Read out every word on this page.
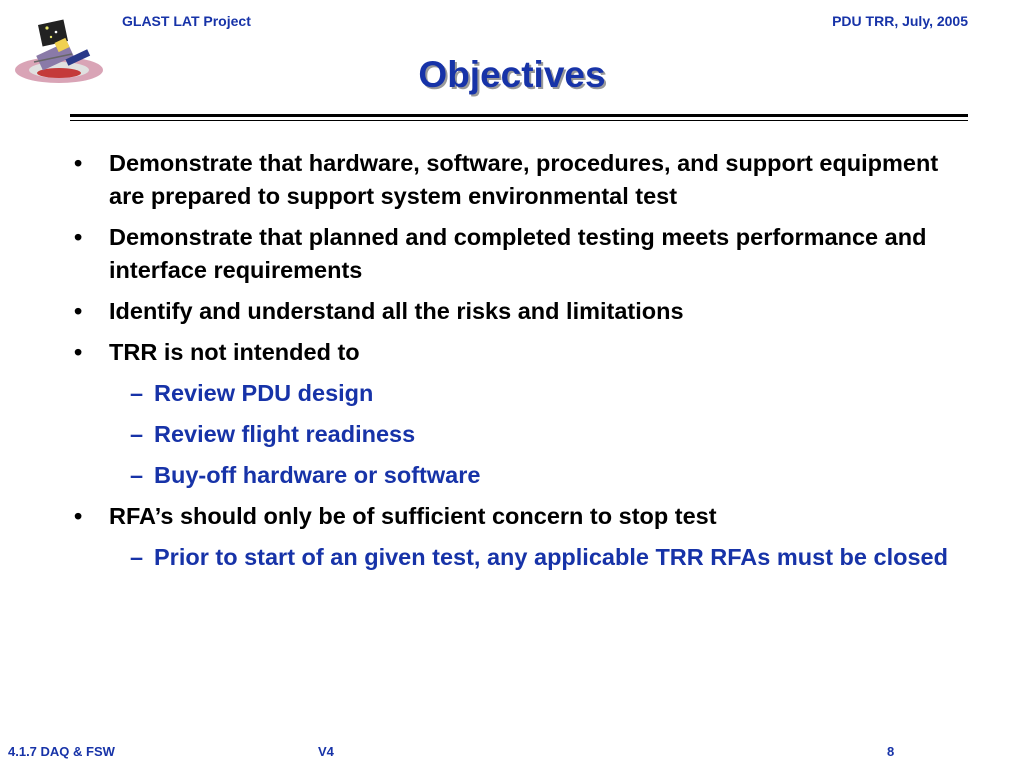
GLAST LAT Project	PDU TRR, July, 2005
Objectives
• Demonstrate that hardware, software, procedures, and support equipment are prepared to support system environmental test
• Demonstrate that planned and completed testing meets performance and interface requirements
• Identify and understand all the risks and limitations
• TRR is not intended to
– Review PDU design
– Review flight readiness
– Buy-off hardware or software
• RFA’s should only be of sufficient concern to stop test
– Prior to start of an given test, any applicable TRR RFAs must be closed
4.1.7 DAQ & FSW	V4	8
